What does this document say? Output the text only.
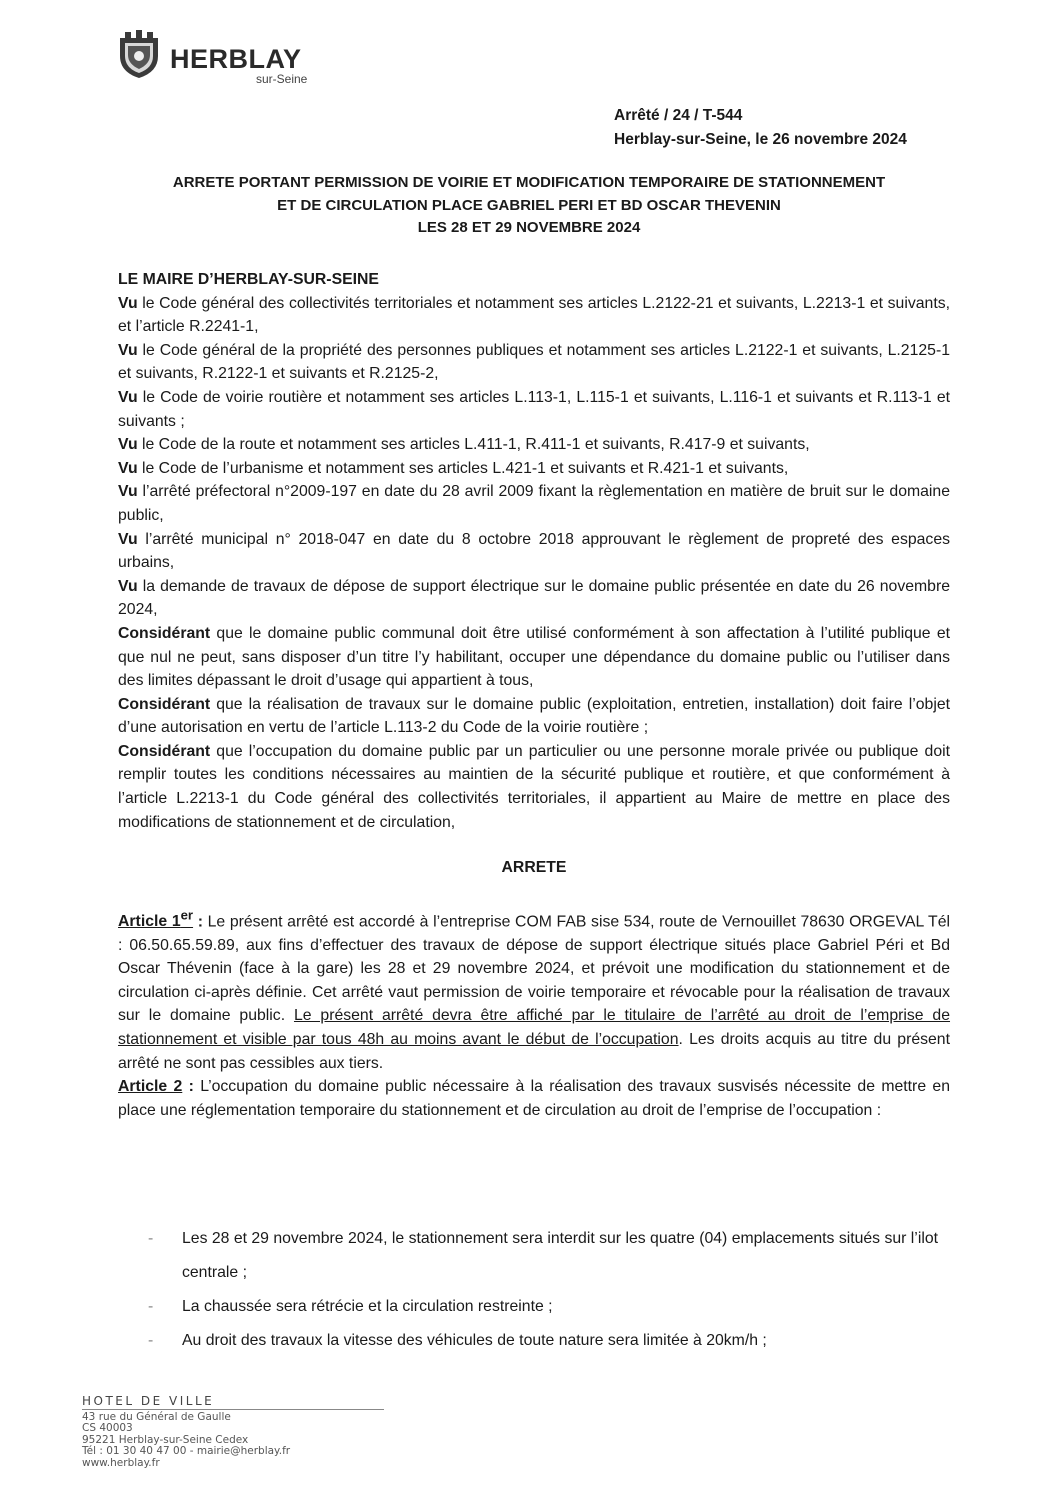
HERBLAY
sur-Seine
Arrêté / 24 / T-544
Herblay-sur-Seine, le 26 novembre 2024
ARRETE PORTANT PERMISSION DE VOIRIE ET MODIFICATION TEMPORAIRE DE STATIONNEMENT
ET DE CIRCULATION PLACE GABRIEL PERI ET BD OSCAR THEVENIN
LES 28 ET 29 NOVEMBRE 2024

LE MAIRE D’HERBLAY-SUR-SEINE

Vu le Code général des collectivités territoriales et notamment ses articles L.2122-21 et suivants, L.2213-1 et suivants, et l’article R.2241-1,

Vu le Code général de la propriété des personnes publiques et notamment ses articles L.2122-1 et suivants, L.2125-1 et suivants, R.2122-1 et suivants et R.2125-2,

Vu le Code de voirie routière et notamment ses articles L.113-1, L.115-1 et suivants, L.116-1 et suivants et R.113-1 et suivants ;

Vu le Code de la route et notamment ses articles L.411-1, R.411-1 et suivants, R.417-9 et suivants,

Vu le Code de l’urbanisme et notamment ses articles L.421-1 et suivants et R.421-1 et suivants,

Vu l’arrêté préfectoral n°2009-197 en date du 28 avril 2009 fixant la règlementation en matière de bruit sur le domaine public,

Vu l’arrêté municipal n° 2018-047 en date du 8 octobre 2018 approuvant le règlement de propreté des espaces urbains,

Vu la demande de travaux de dépose de support électrique sur le domaine public présentée en date du 26 novembre 2024,

Considérant que le domaine public communal doit être utilisé conformément à son affectation à l’utilité publique et que nul ne peut, sans disposer d’un titre l’y habilitant, occuper une dépendance du domaine public ou l’utiliser dans des limites dépassant le droit d’usage qui appartient à tous,

Considérant que la réalisation de travaux sur le domaine public (exploitation, entretien, installation) doit faire l’objet d’une autorisation en vertu de l’article L.113-2 du Code de la voirie routière ;

Considérant que l’occupation du domaine public par un particulier ou une personne morale privée ou publique doit remplir toutes les conditions nécessaires au maintien de la sécurité publique et routière, et que conformément à l’article L.2213-1 du Code général des collectivités territoriales, il appartient au Maire de mettre en place des modifications de stationnement et de circulation,

ARRETE

Article 1er : Le présent arrêté est accordé à l’entreprise COM FAB sise 534, route de Vernouillet 78630 ORGEVAL Tél : 06.50.65.59.89, aux fins d’effectuer des travaux de dépose de support électrique situés place Gabriel Péri et Bd Oscar Thévenin (face à la gare) les 28 et 29 novembre 2024, et prévoit une modification du stationnement et de circulation ci-après définie. Cet arrêté vaut permission de voirie temporaire et révocable pour la réalisation de travaux sur le domaine public. Le présent arrêté devra être affiché par le titulaire de l’arrêté au droit de l’emprise de stationnement et visible par tous 48h au moins avant le début de l’occupation. Les droits acquis au titre du présent arrêté ne sont pas cessibles aux tiers.

Article 2 : L’occupation du domaine public nécessaire à la réalisation des travaux susvisés nécessite de mettre en place une réglementation temporaire du stationnement et de circulation au droit de l’emprise de l’occupation :

- Les 28 et 29 novembre 2024, le stationnement sera interdit sur les quatre (04) emplacements situés sur l’ilot centrale ;
- La chaussée sera rétrécie et la circulation restreinte ;
- Au droit des travaux la vitesse des véhicules de toute nature sera limitée à 20km/h ;
HOTEL DE VILLE
43 rue du Général de Gaulle
CS 40003
95221 Herblay-sur-Seine Cedex
Tél : 01 30 40 47 00 - mairie@herblay.fr
www.herblay.fr
